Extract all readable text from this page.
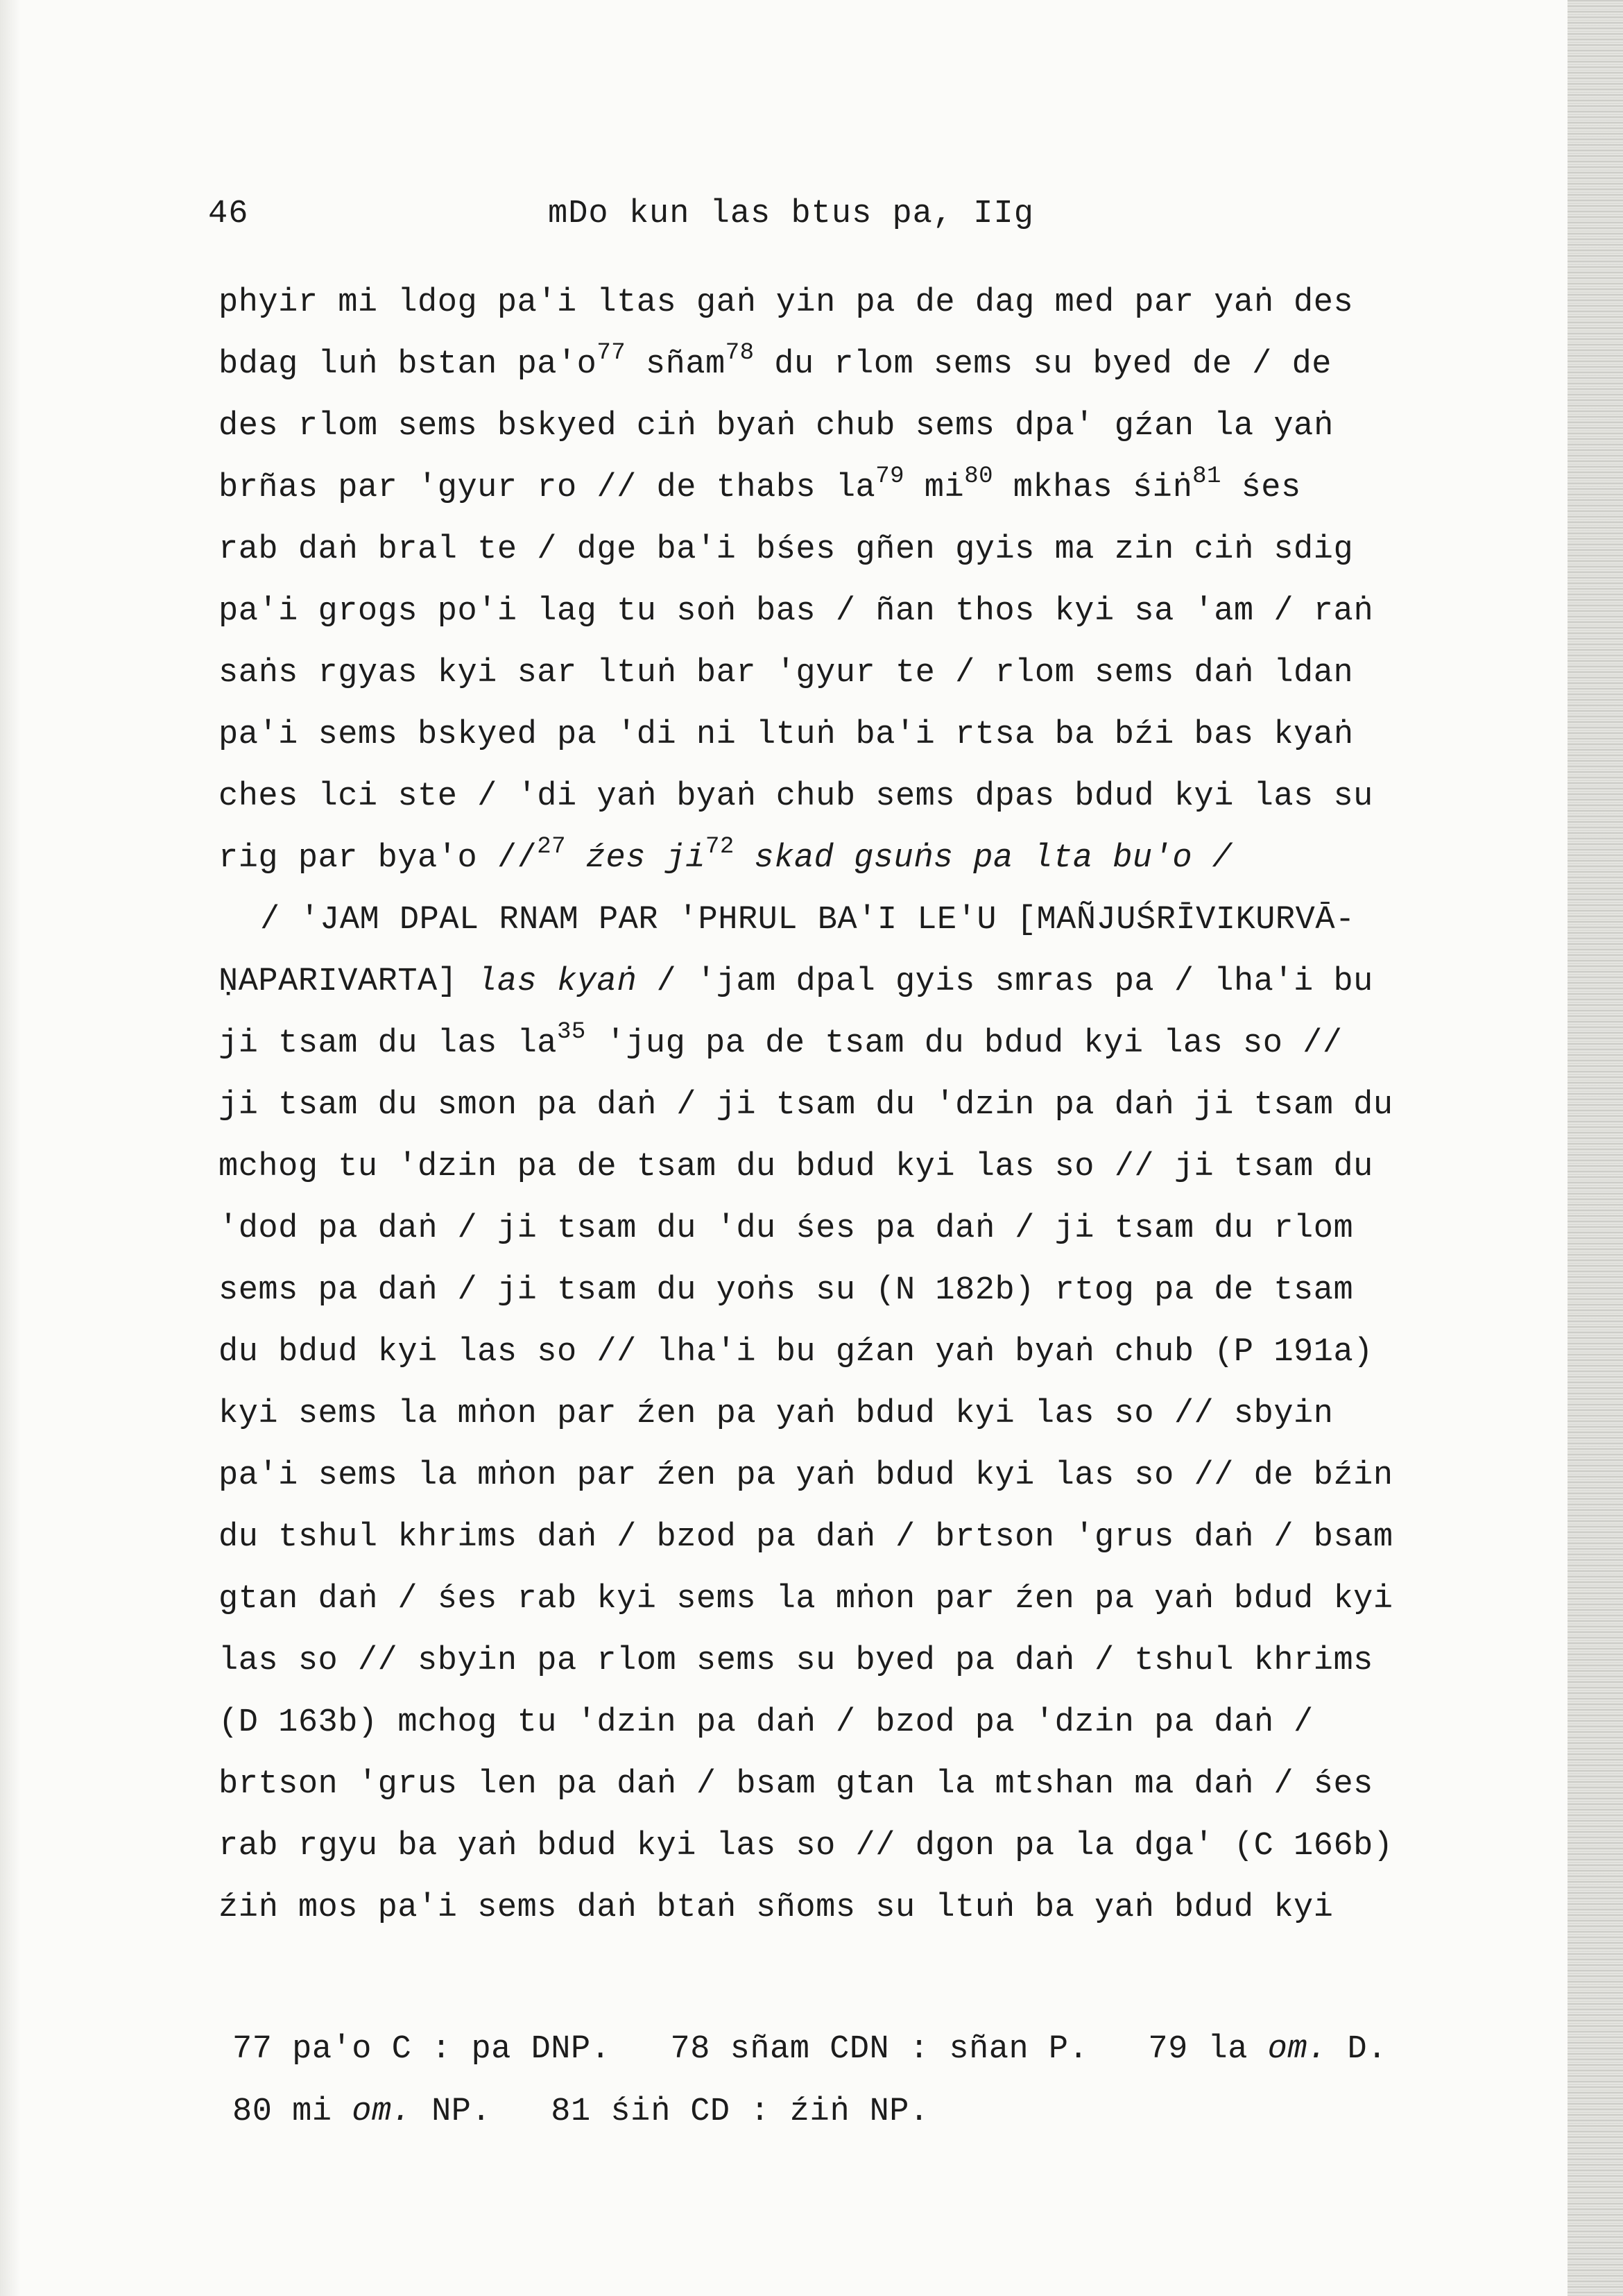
46	mDo kun las btus pa, IIg
phyir mi ldog pa'i ltas gaṅ yin pa de dag med par yaṅ des
bdag luṅ bstan $pa'o^{77}$ sñam$^{78}$ du rlom sems su byed de / de
des rlom sems bskyed ciṅ byaṅ chub sems dpa' gźan la yaṅ
brñas par 'gyur ro // de thabs $la^{79}$ $mi^{80}$ mkhas śiṅ$^{81}$ śes
rab daṅ bral te / dge ba'i bśes gñen gyis ma zin ciṅ sdig
pa'i grogs po'i lag tu soṅ bas / ñan thos kyi sa 'am / raṅ
saṅs rgyas kyi sar ltuṅ bar 'gyur te / rlom sems daṅ ldan
pa'i sems bskyed pa 'di ni ltuṅ ba'i rtsa ba bźi bas kyaṅ
ches lci ste / 'di yaṅ byaṅ chub sems dpas bdud kyi las su
rig par bya'o //$^{27}$ źes $ji^{72}$ skad gsuṅs pa lta bu'o /
/ 'JAM DPAL RNAM PAR 'PHRUL BA'I LE'U [MAÑJUŚRĪVIKURVĀ-
ṆAPARIVARTA] las kyaṅ / 'jam dpal gyis smras pa / lha'i bu
ji tsam du las $la^{35}$ 'jug pa de tsam du bdud kyi las so //
ji tsam du smon pa daṅ / ji tsam du 'dzin pa daṅ ji tsam du
mchog tu 'dzin pa de tsam du bdud kyi las so // ji tsam du
'dod pa daṅ / ji tsam du 'du śes pa daṅ / ji tsam du rlom
sems pa daṅ / ji tsam du yoṅs su (N 182b) rtog pa de tsam
du bdud kyi las so // lha'i bu gźan yaṅ byaṅ chub (P 191a)
kyi sems la mṅon par źen pa yaṅ bdud kyi las so // sbyin
pa'i sems la mṅon par źen pa yaṅ bdud kyi las so // de bźin
du tshul khrims daṅ / bzod pa daṅ / brtson 'grus daṅ / bsam
gtan daṅ / śes rab kyi sems la mṅon par źen pa yaṅ bdud kyi
las so // sbyin pa rlom sems su byed pa daṅ / tshul khrims
(D 163b) mchog tu 'dzin pa daṅ / bzod pa 'dzin pa daṅ /
brtson 'grus len pa daṅ / bsam gtan la mtshan ma daṅ / śes
rab rgyu ba yaṅ bdud kyi las so // dgon pa la dga' (C 166b)
źiṅ mos pa'i sems daṅ btaṅ sñoms su ltuṅ ba yaṅ bdud kyi
77 pa'o C : pa DNP.   78 sñam CDN : sñan P.   79 la om. D.
80 mi om. NP.   81 śiṅ CD : źiṅ NP.
